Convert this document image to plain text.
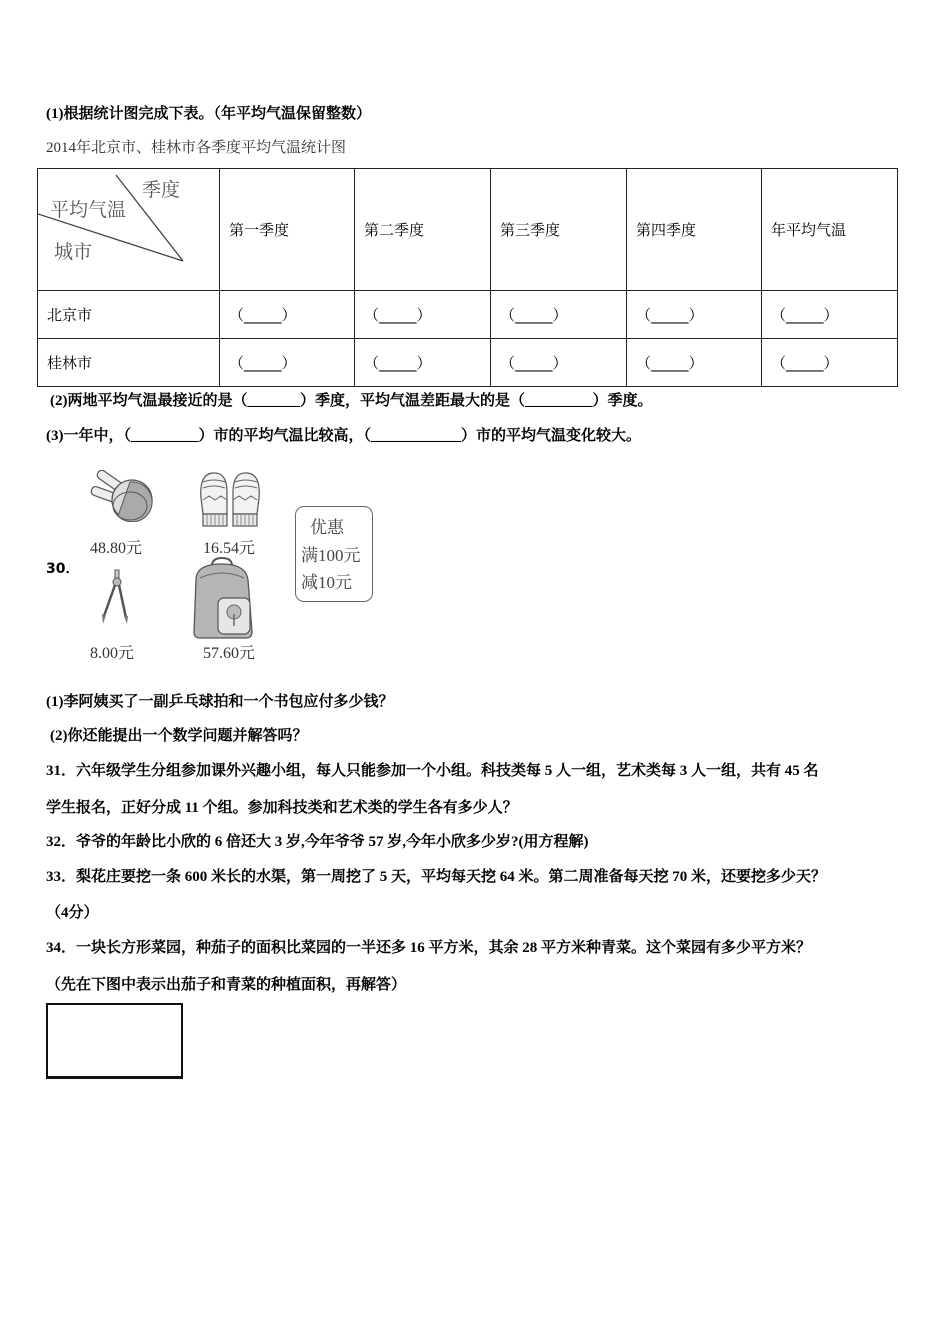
(1)根据统计图完成下表。（年平均气温保留整数）
2014年北京市、桂林市各季度平均气温统计图
季度
平均气温
城市	第一季度	第二季度	第三季度	第四季度	年平均气温
北京市	（_____）	（_____）	（_____）	（_____）	（_____）
桂林市	（_____）	（_____）	（_____）	（_____）	（_____）
(2)两地平均气温最接近的是（_______）季度，平均气温差距最大的是（_________）季度。
(3)一年中，（_________）市的平均气温比较高，（____________）市的平均气温变化较大。
30．
48.80元	16.54元
8.00元	57.60元
优惠
满100元
减10元
(1)李阿姨买了一副乒乓球拍和一个书包应付多少钱？
(2)你还能提出一个数学问题并解答吗？
31．六年级学生分组参加课外兴趣小组，每人只能参加一个小组。科技类每 5 人一组，艺术类每 3 人一组，共有 45 名
学生报名，正好分成 11 个组。参加科技类和艺术类的学生各有多少人？
32．爷爷的年龄比小欣的 6 倍还大 3 岁,今年爷爷 57 岁,今年小欣多少岁?(用方程解)
33．梨花庄要挖一条 600 米长的水渠，第一周挖了 5 天，平均每天挖 64 米。第二周准备每天挖 70 米，还要挖多少天？
（4分）
34．一块长方形菜园，种茄子的面积比菜园的一半还多 16 平方米，其余 28 平方米种青菜。这个菜园有多少平方米？
（先在下图中表示出茄子和青菜的种植面积，再解答）
